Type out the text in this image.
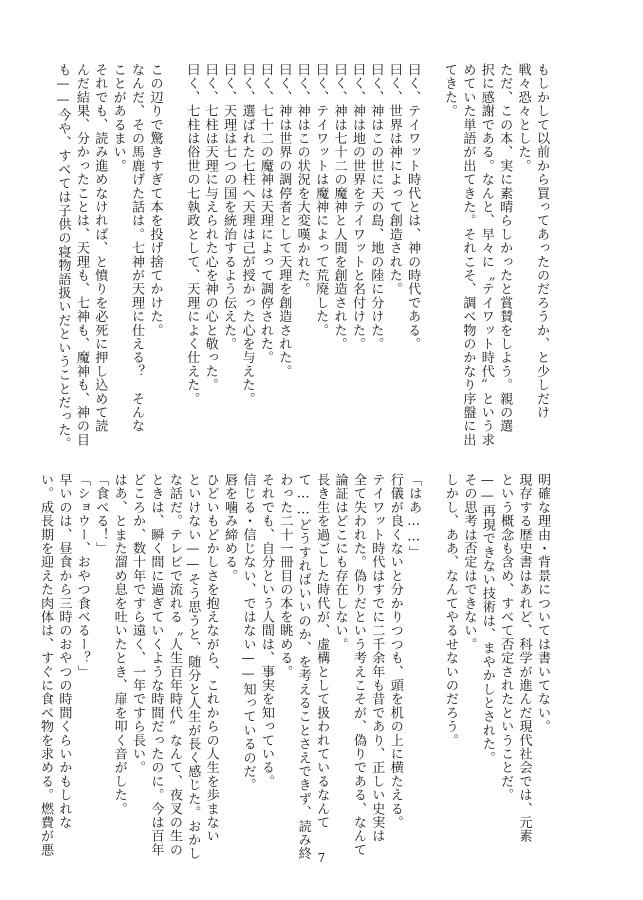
もしかして以前から買ってあったのだろうか、と少しだけ
戦々恐々とした。
ただ、この本、実に素晴らしかったと賞賛をしよう。親の選
択に感謝である。なんと、早々に〝テイワット時代〟という求
めていた単語が出てきた。それこそ、調べ物のかなり序盤に出
てきた。
曰く、テイワット時代とは、神の時代である。
曰く、世界は神によって創造された。
曰く、神はこの世に天の島、地の陸に分けた。
曰く、神は地の世界をテイワットと名付けた。
曰く、神は七十二の魔神と人間を創造された。
曰く、テイワットは魔神によって荒廃した。
曰く、神はこの状況を大変嘆かれた。
曰く、神は世界の調停者として天理を創造された。
曰く、七十二の魔神は天理によって調停された。
曰く、選ばれた七柱へ天理は己が授かった心を与えた。
曰く、天理は七つの国を統治するよう伝えた。
曰く、七柱は天理に与えられた心を神の心と敬った。
曰く、七柱は俗世の七執政として、天理によく仕えた。
この辺りで驚きすぎて本を投げ捨てかけた。
なんだ、その馬鹿げた話は。七神が天理に仕える？　そんな
ことがあるまい。
それでも、読み進めなければ、と憤りを必死に押し込めて読
んだ結果、分かったことは、天理も、七神も、魔神も、神の目
も——今や、すべては子供の寝物語扱いだということだった。
明確な理由・背景については書いてない。
現存する歴史書はあれど、科学が進んだ現代社会では、元素
という概念も含め、すべて否定されたということだ。
——再現できない技術は、まやかしとされた。
その思考は否定はできない。
しかし、ああ、なんてやるせないのだろう。
「はあ……」
行儀が良くないと分かりつつも、頭を机の上に横たえる。
テイワット時代はすでに二千余年も昔であり、正しい史実は
全て失われた。偽りだという考えこそが、偽りである、なんて
論証はどこにも存在しない。
長き生を過ごした時代が、虚構として扱われているなんて
て……どうすればいいのか、を考えることさえできず、読み終
わった二十一冊目の本を眺める。
それでも、自分という人間は、事実を知っている。
信じる・信じない、ではない——知っているのだ。
唇を噛み締める。
ひどいもどかしさを抱えながら、これからの人生を歩まない
といけない——そう思うと、随分と人生が長く感じた。おかし
な話だ。テレビで流れる〝人生百年時代〟なんて、夜叉の生の
ときは、瞬く間に過ぎていくような時間だったのに。今は百年
どころか、数十年ですら遠く、一年ですら長い。
はあ、とまた溜め息を吐いたとき、扉を叩く音がした。
「食べる！」
「ショウー、おやつ食べるー？」
早いのは、昼食から三時のおやつの時間くらいかもしれな
い。成長期を迎えた肉体は、すぐに食べ物を求める。燃費が悪
7
